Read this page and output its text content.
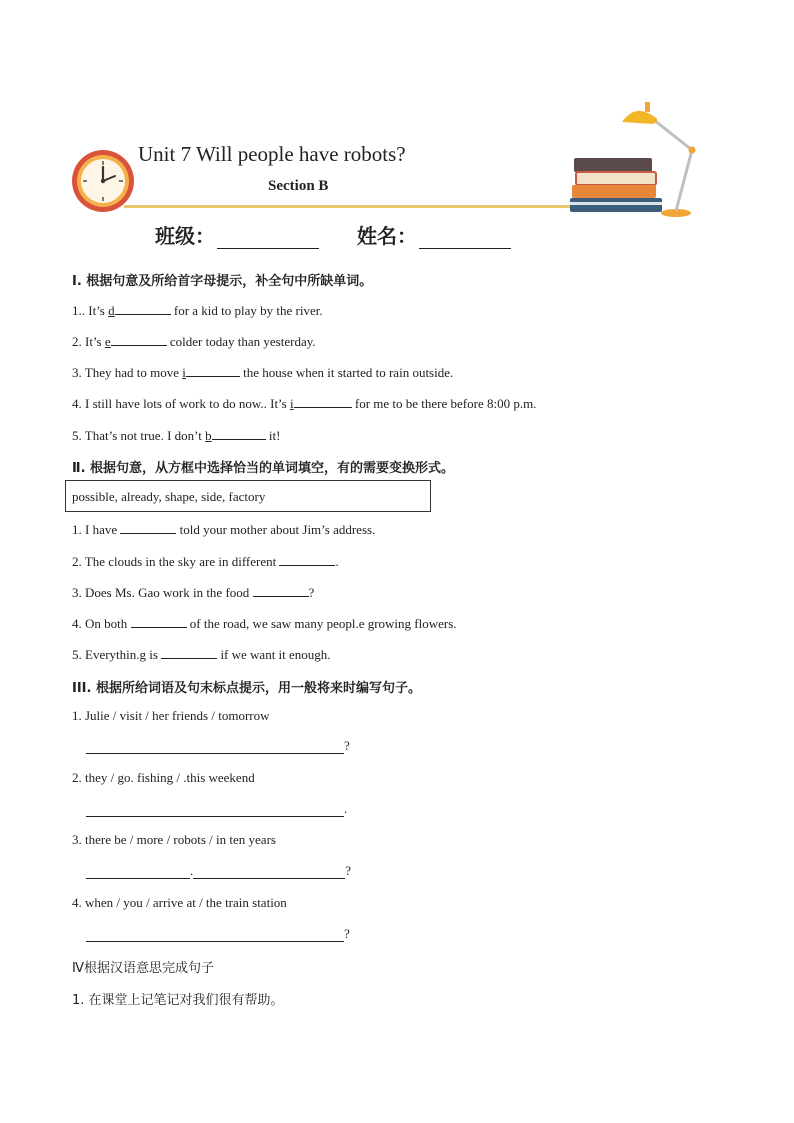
Unit 7 Will people have robots?
Section B
班级：	姓名：
Ⅰ. 根据句意及所给首字母提示，补全句中所缺单词。
1.. It’s d	for a kid to play by the river.
2. It’s e	colder today than yesterday.
3. They had to move i	the house when it started to rain outside.
4. I still have lots of work to do now.. It’s i	for me to be there before 8:00 p.m.
5. That’s not true. I don’t b	it!
Ⅱ. 根据句意，从方框中选择恰当的单词填空，有的需要变换形式。
possible, already, shape, side, factory
1. I have	told your mother about Jim’s address.
2. The clouds in the sky are in different	.
3. Does Ms. Gao work in the food	?
4. On both	of the road, we saw many peopl.e growing flowers.
5. Everythin.g is	if we want it enough.
III. 根据所给词语及句末标点提示，用一般将来时编写句子。
1. Julie / visit / her friends / tomorrow
?
2. they / go. fishing / .this weekend
.
3. there be / more / robots / in ten years
.	?
4. when / you / arrive at / the train station
?
Ⅳ根据汉语意思完成句子
1. 在课堂上记笔记对我们很有帮助。
